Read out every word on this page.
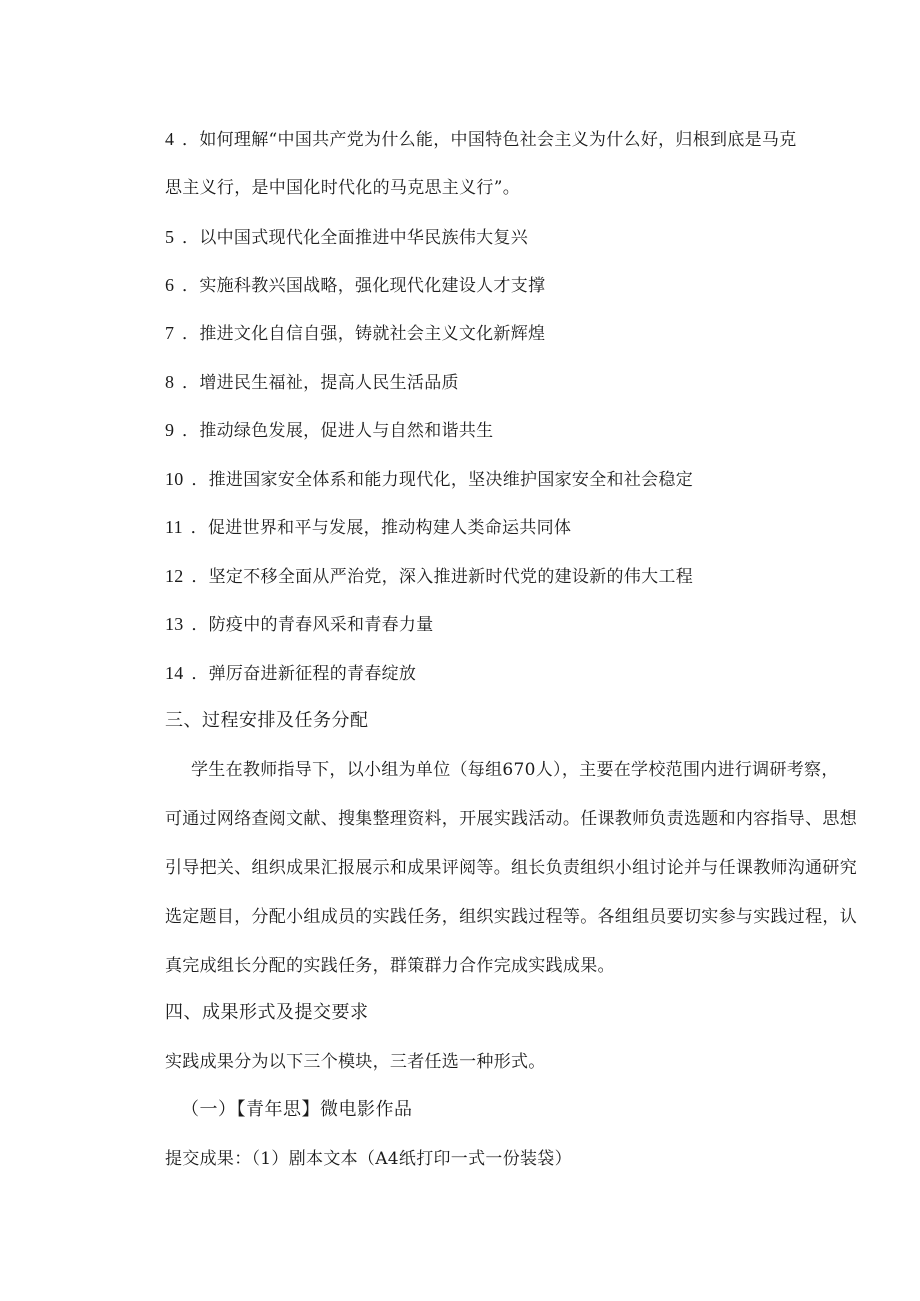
4 ．如何理解“中国共产党为什么能，中国特色社会主义为什么好，归根到底是马克
思主义行，是中国化时代化的马克思主义行”。
5 ．以中国式现代化全面推进中华民族伟大复兴
6 ．实施科教兴国战略，强化现代化建设人才支撑
7 ．推进文化自信自强，铸就社会主义文化新辉煌
8 ．增进民生福祉，提高人民生活品质
9 ．推动绿色发展，促进人与自然和谐共生
10 ．推进国家安全体系和能力现代化，坚决维护国家安全和社会稳定
11 ．促进世界和平与发展，推动构建人类命运共同体
12 ．坚定不移全面从严治党，深入推进新时代党的建设新的伟大工程
13 ．防疫中的青春风采和青春力量
14 ．弹厉奋进新征程的青春绽放
三、过程安排及任务分配
学生在教师指导下，以小组为单位（每组670人），主要在学校范围内进行调研考察，
可通过网络查阅文献、搜集整理资料，开展实践活动。任课教师负责选题和内容指导、思想
引导把关、组织成果汇报展示和成果评阅等。组长负责组织小组讨论并与任课教师沟通研究
选定题目，分配小组成员的实践任务，组织实践过程等。各组组员要切实参与实践过程，认
真完成组长分配的实践任务，群策群力合作完成实践成果。
四、成果形式及提交要求
实践成果分为以下三个模块，三者任选一种形式。
（一）【青年思】微电影作品
提交成果：（1）剧本文本（A4纸打印一式一份装袋）
